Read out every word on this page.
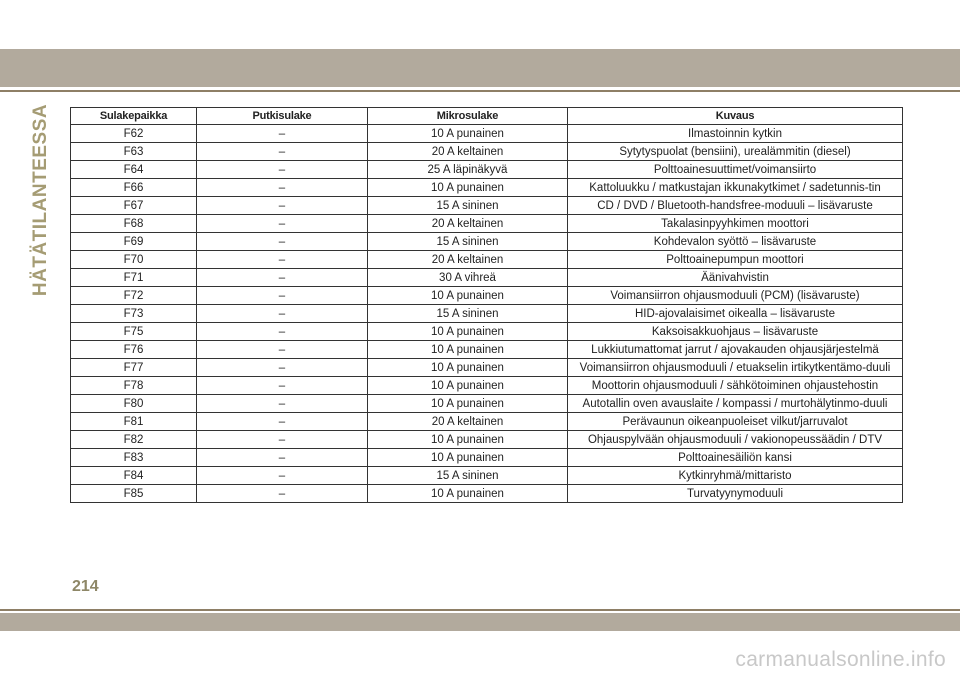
HÄTÄTILANTEESSA	Sulakepaikka	Putkisulake	Mikrosulake	Kuvaus
F62	–	10 A punainen	Ilmastoinnin kytkin
F63	–	20 A keltainen	Sytytyspuolat (bensiini), urealämmitin (diesel)
F64	–	25 A läpinäkyvä	Polttoainesuuttimet/voimansiirto
F66	–	10 A punainen	Kattoluukku / matkustajan ikkunakytkimet / sadetunnis-tin
F67	–	15 A sininen	CD / DVD / Bluetooth-handsfree-moduuli – lisävaruste
F68	–	20 A keltainen	Takalasinpyyhkimen moottori
F69	–	15 A sininen	Kohdevalon syöttö – lisävaruste
F70	–	20 A keltainen	Polttoainepumpun moottori
F71	–	30 A vihreä	Äänivahvistin
F72	–	10 A punainen	Voimansiirron ohjausmoduuli (PCM) (lisävaruste)
F73	–	15 A sininen	HID-ajovalaisimet oikealla – lisävaruste
F75	–	10 A punainen	Kaksoisakkuohjaus – lisävaruste
F76	–	10 A punainen	Lukkiutumattomat jarrut / ajovakauden ohjausjärjestelmä
F77	–	10 A punainen	Voimansiirron ohjausmoduuli / etuakselin irtikytkentämo-duuli
F78	–	10 A punainen	Moottorin ohjausmoduuli / sähkötoiminen ohjaustehostin
F80	–	10 A punainen	Autotallin oven avauslaite / kompassi / murtohälytinmo-duuli
F81	–	20 A keltainen	Perävaunun oikeanpuoleiset vilkut/jarruvalot
F82	–	10 A punainen	Ohjauspylvään ohjausmoduuli / vakionopeussäädin / DTV
F83	–	10 A punainen	Polttoainesäiliön kansi
F84	–	15 A sininen	Kytkinryhmä/mittaristo
F85	–	10 A punainen	Turvatyynymoduuli
214
carmanualsonline.info
